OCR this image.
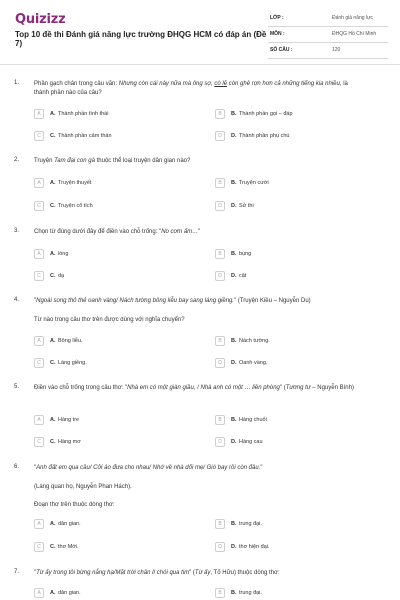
Quizizz
Top 10 đề thi Đánh giá năng lực trường ĐHQG HCM có đáp án (Đề 7)
LỚP :	Đánh giá năng lực
MÔN :	ĐHQG Hồ Chí Minh
SỐ CÂU :	120
1. Phần gạch chân trong câu văn: Nhưng còn cái này nữa mà ông sợ, có lẽ còn ghê rợn hơn cả những tiếng kia nhiều, là thành phần nào của câu?
A	A. Thành phần tình thái	B	B. Thành phần gọi – đáp
C	C. Thành phần cảm thán	D	D. Thành phần phụ chú
2. Truyện Tam đại con gà thuộc thể loại truyện dân gian nào?
A	A. Truyện thuyết	B	B. Truyện cười
C	C. Truyện cổ tích	D	D. Sử thi
3. Chọn từ đúng dưới đây để điền vào chỗ trống: "No cơm ấm…"
A	A. lòng	B	B. bụng
C	C. dạ	D	D. cật
4. "Ngoài song thỏ thẻ oanh vàng/ Nách tường bông liễu bay sang láng giềng." (Truyện Kiều – Nguyễn Du)
Từ nào trong câu thơ trên được dùng với nghĩa chuyển?
A	A. Bông liễu.	B	B. Nách tường.
C	C. Láng giềng.	D	D. Oanh vàng.
5. Điền vào chỗ trống trong câu thơ: "Nhà em có một giàn giầu, / Nhà anh có một … liền phòng" (Tương tư – Nguyễn Bính)
A	A. Hàng tre	B	B. Hàng chuối
C	C. Hàng mơ	D	D. Hàng cau
6. "Anh đất em qua cầu/ Cởi áo đưa cho nhau/ Nhớ về nhà dối mẹ/ Gió bay rồi còn đâu."
(Láng quan họ, Nguyễn Phan Hách).
Đoạn thơ trên thuộc dòng thơ:
A	A. dân gian.	B	B. trung đại.
C	C. thơ Mới.	D	D. thơ hiện đại.
7. "Từ ấy trong tôi bừng nắng hạ/Mặt trời chân lí chói qua tim" (Từ ấy, Tố Hữu) thuộc dòng thơ:
A	A. dân gian.	B	B. trung đại.
